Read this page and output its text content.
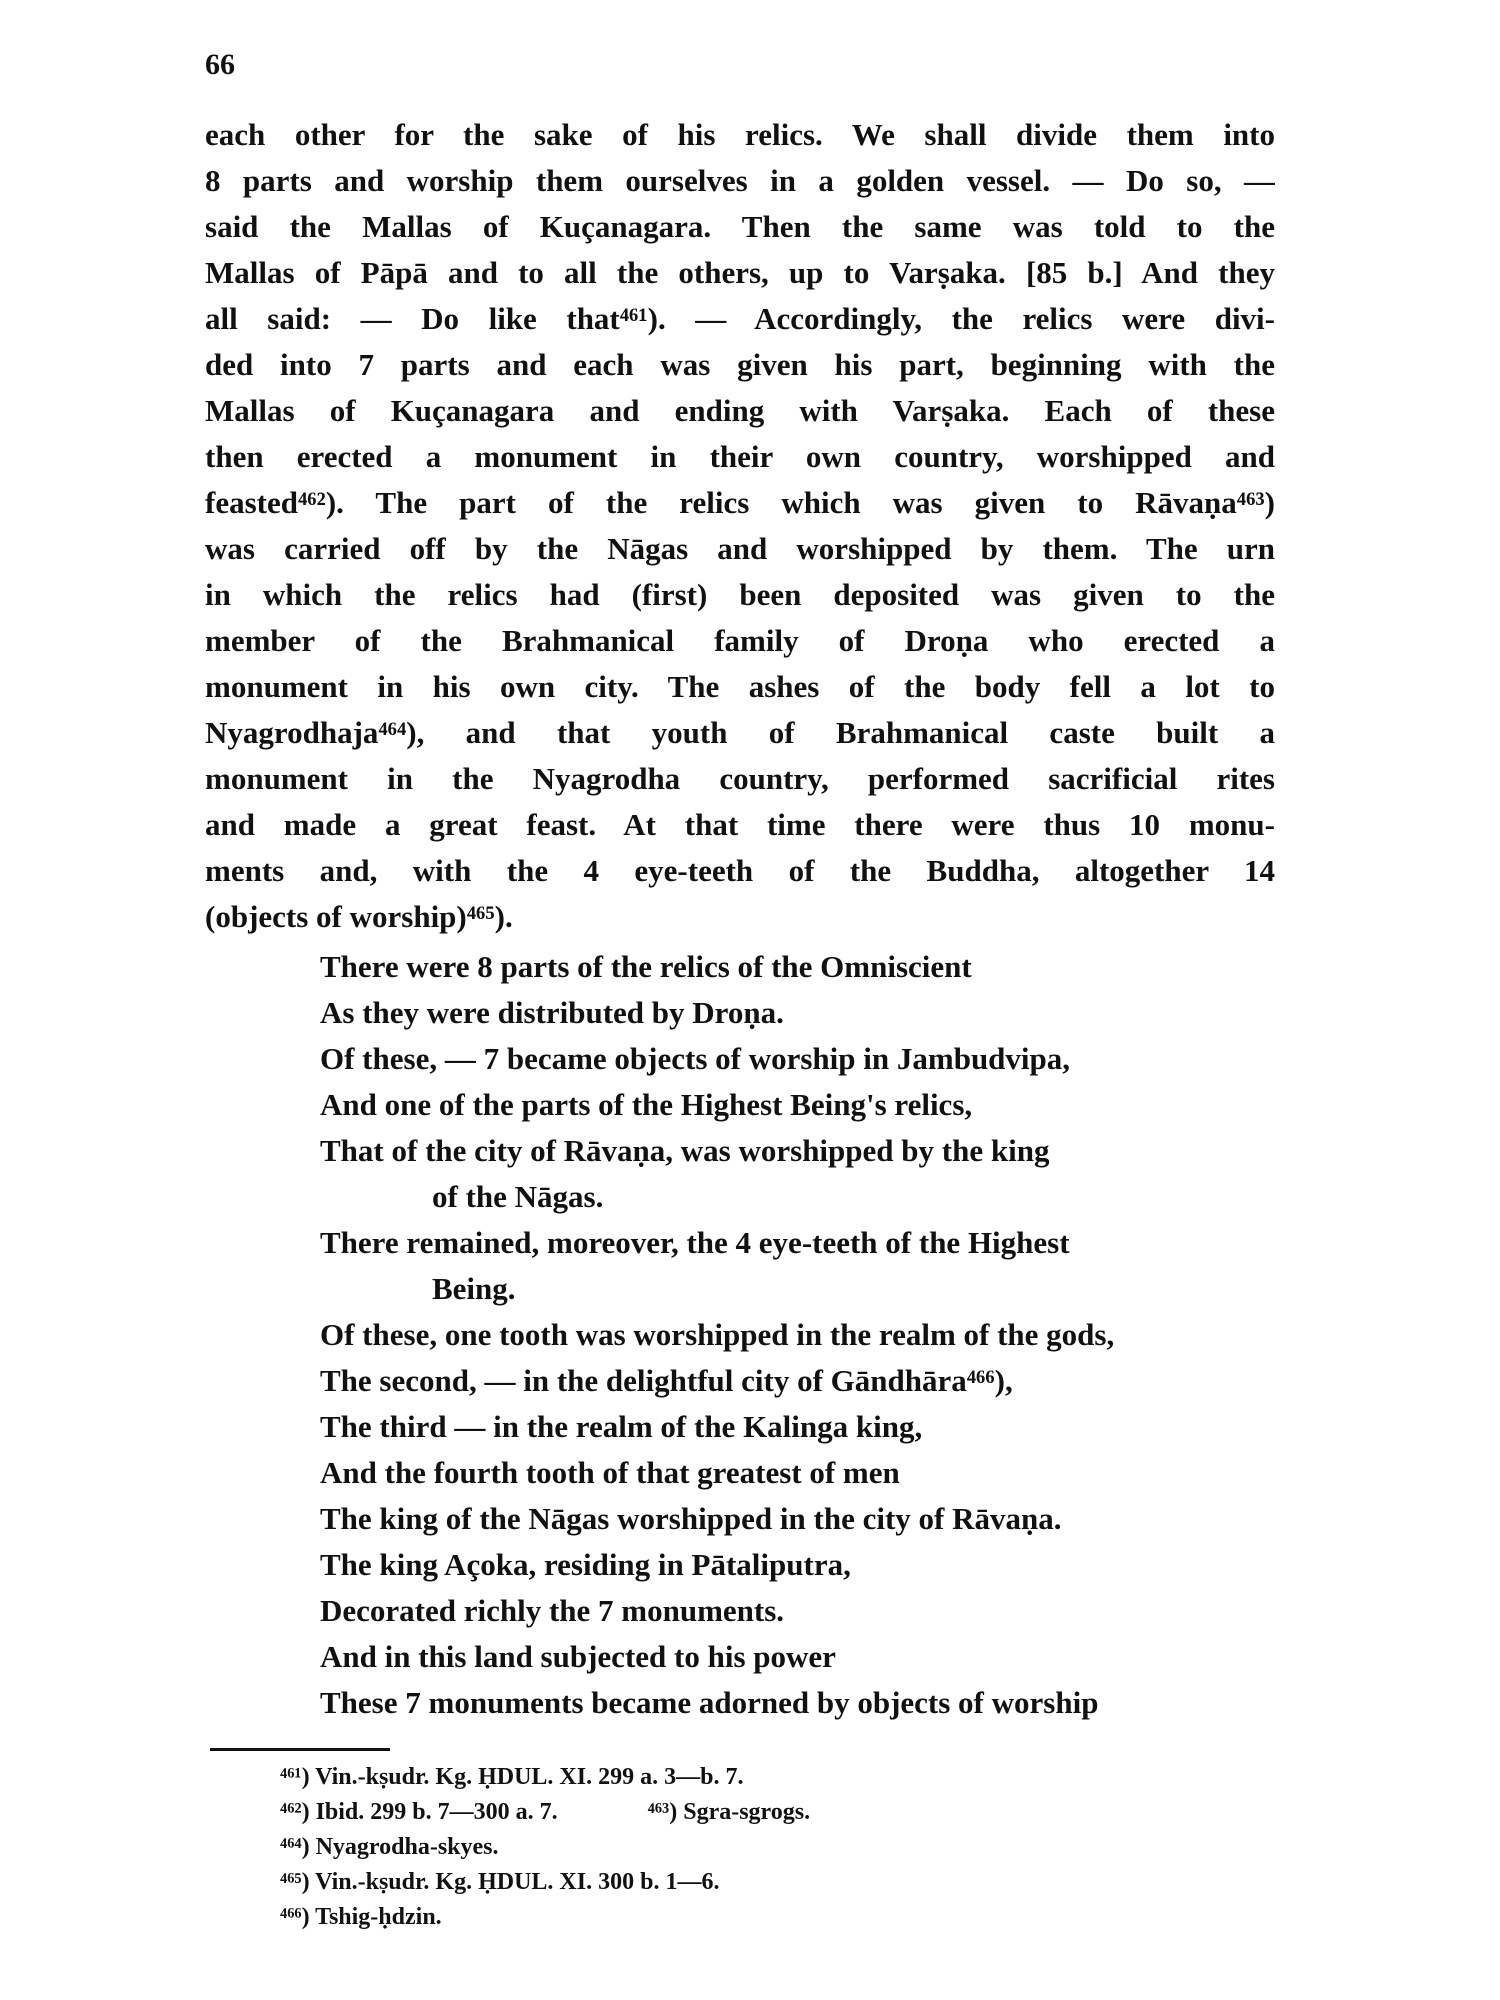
66
each other for the sake of his relics. We shall divide them into
8 parts and worship them ourselves in a golden vessel. — Do so, —
said the Mallas of Kuçanagara. Then the same was told to the
Mallas of Pāpā and to all the others, up to Varṣaka. [85 b.] And they
all said: — Do like that⁴⁶¹). — Accordingly, the relics were divi-
ded into 7 parts and each was given his part, beginning with the
Mallas of Kuçanagara and ending with Varṣaka. Each of these
then erected a monument in their own country, worshipped and
feasted⁴⁶²). The part of the relics which was given to Rāvaṇa⁴⁶³)
was carried off by the Nāgas and worshipped by them. The urn
in which the relics had (first) been deposited was given to the
member of the Brahmanical family of Droṇa who erected a
monument in his own city. The ashes of the body fell a lot to
Nyagrodhaja⁴⁶⁴), and that youth of Brahmanical caste built a
monument in the Nyagrodha country, performed sacrificial rites
and made a great feast. At that time there were thus 10 monu-
ments and, with the 4 eye-teeth of the Buddha, altogether 14
(objects of worship)⁴⁶⁵).
There were 8 parts of the relics of the Omniscient
As they were distributed by Droṇa.
Of these, — 7 became objects of worship in Jambudvipa,
And one of the parts of the Highest Being's relics,
That of the city of Rāvaṇa, was worshipped by the king
of the Nāgas.
There remained, moreover, the 4 eye-teeth of the Highest
Being.
Of these, one tooth was worshipped in the realm of the gods,
The second, — in the delightful city of Gāndhāra⁴⁶⁶),
The third — in the realm of the Kalinga king,
And the fourth tooth of that greatest of men
The king of the Nāgas worshipped in the city of Rāvaṇa.
The king Açoka, residing in Pātaliputra,
Decorated richly the 7 monuments.
And in this land subjected to his power
These 7 monuments became adorned by objects of worship
⁴⁶¹) Vin.-kṣudr. Kg. ḤDUL. XI. 299 a. 3—b. 7.
⁴⁶²) Ibid. 299 b. 7—300 a. 7.	⁴⁶³) Sgra-sgrogs.
⁴⁶⁴) Nyagrodha-skyes.
⁴⁶⁵) Vin.-kṣudr. Kg. ḤDUL. XI. 300 b. 1—6.
⁴⁶⁶) Tshig-ḥdzin.
